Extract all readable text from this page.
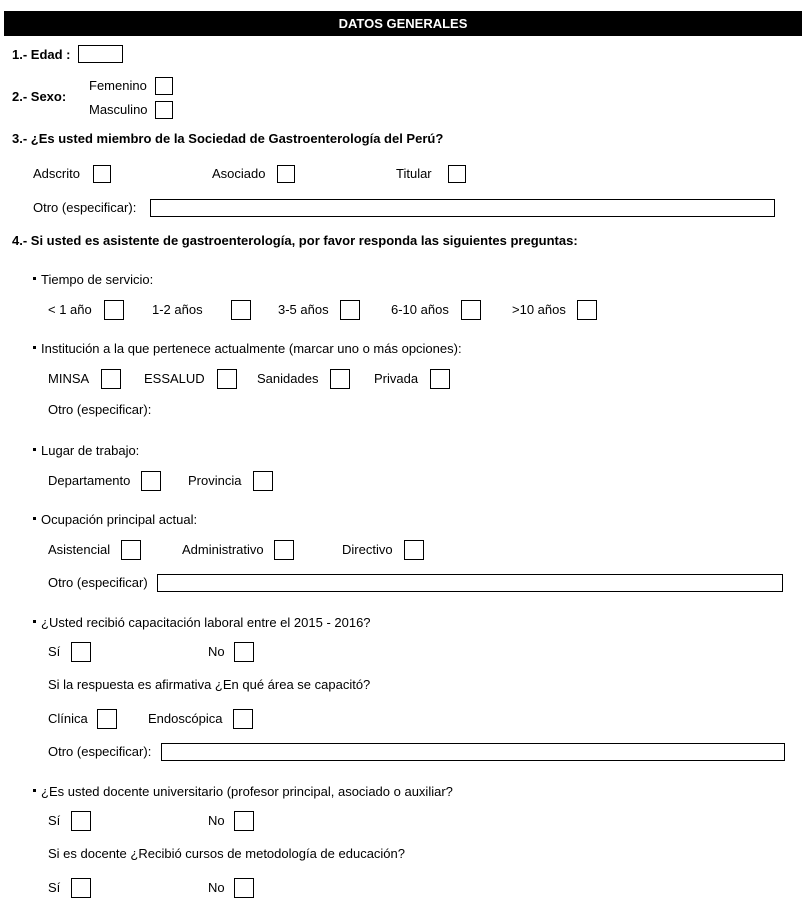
DATOS GENERALES
1.- Edad :
2.- Sexo:
Femenino
Masculino
3.- ¿Es usted miembro de la Sociedad de Gastroenterología del Perú?
Adscrito	Asociado	Titular
Otro (especificar):
4.- Si usted es asistente de gastroenterología, por favor responda las siguientes preguntas:
Tiempo de servicio:
< 1 año	1-2 años	3-5 años	6-10 años	>10 años
Institución a la que pertenece actualmente (marcar uno o más opciones):
MINSA	ESSALUD	Sanidades	Privada
Otro (especificar):
Lugar de trabajo:
Departamento	Provincia
Ocupación principal actual:
Asistencial	Administrativo	Directivo
Otro (especificar)
¿Usted recibió capacitación laboral entre el 2015 - 2016?
Sí	No
Si la respuesta es afirmativa ¿En qué área se capacitó?
Clínica	Endoscópica
Otro (especificar):
¿Es usted docente universitario (profesor principal, asociado o auxiliar?
Sí	No
Si es docente ¿Recibió cursos de metodología de educación?
Sí	No
